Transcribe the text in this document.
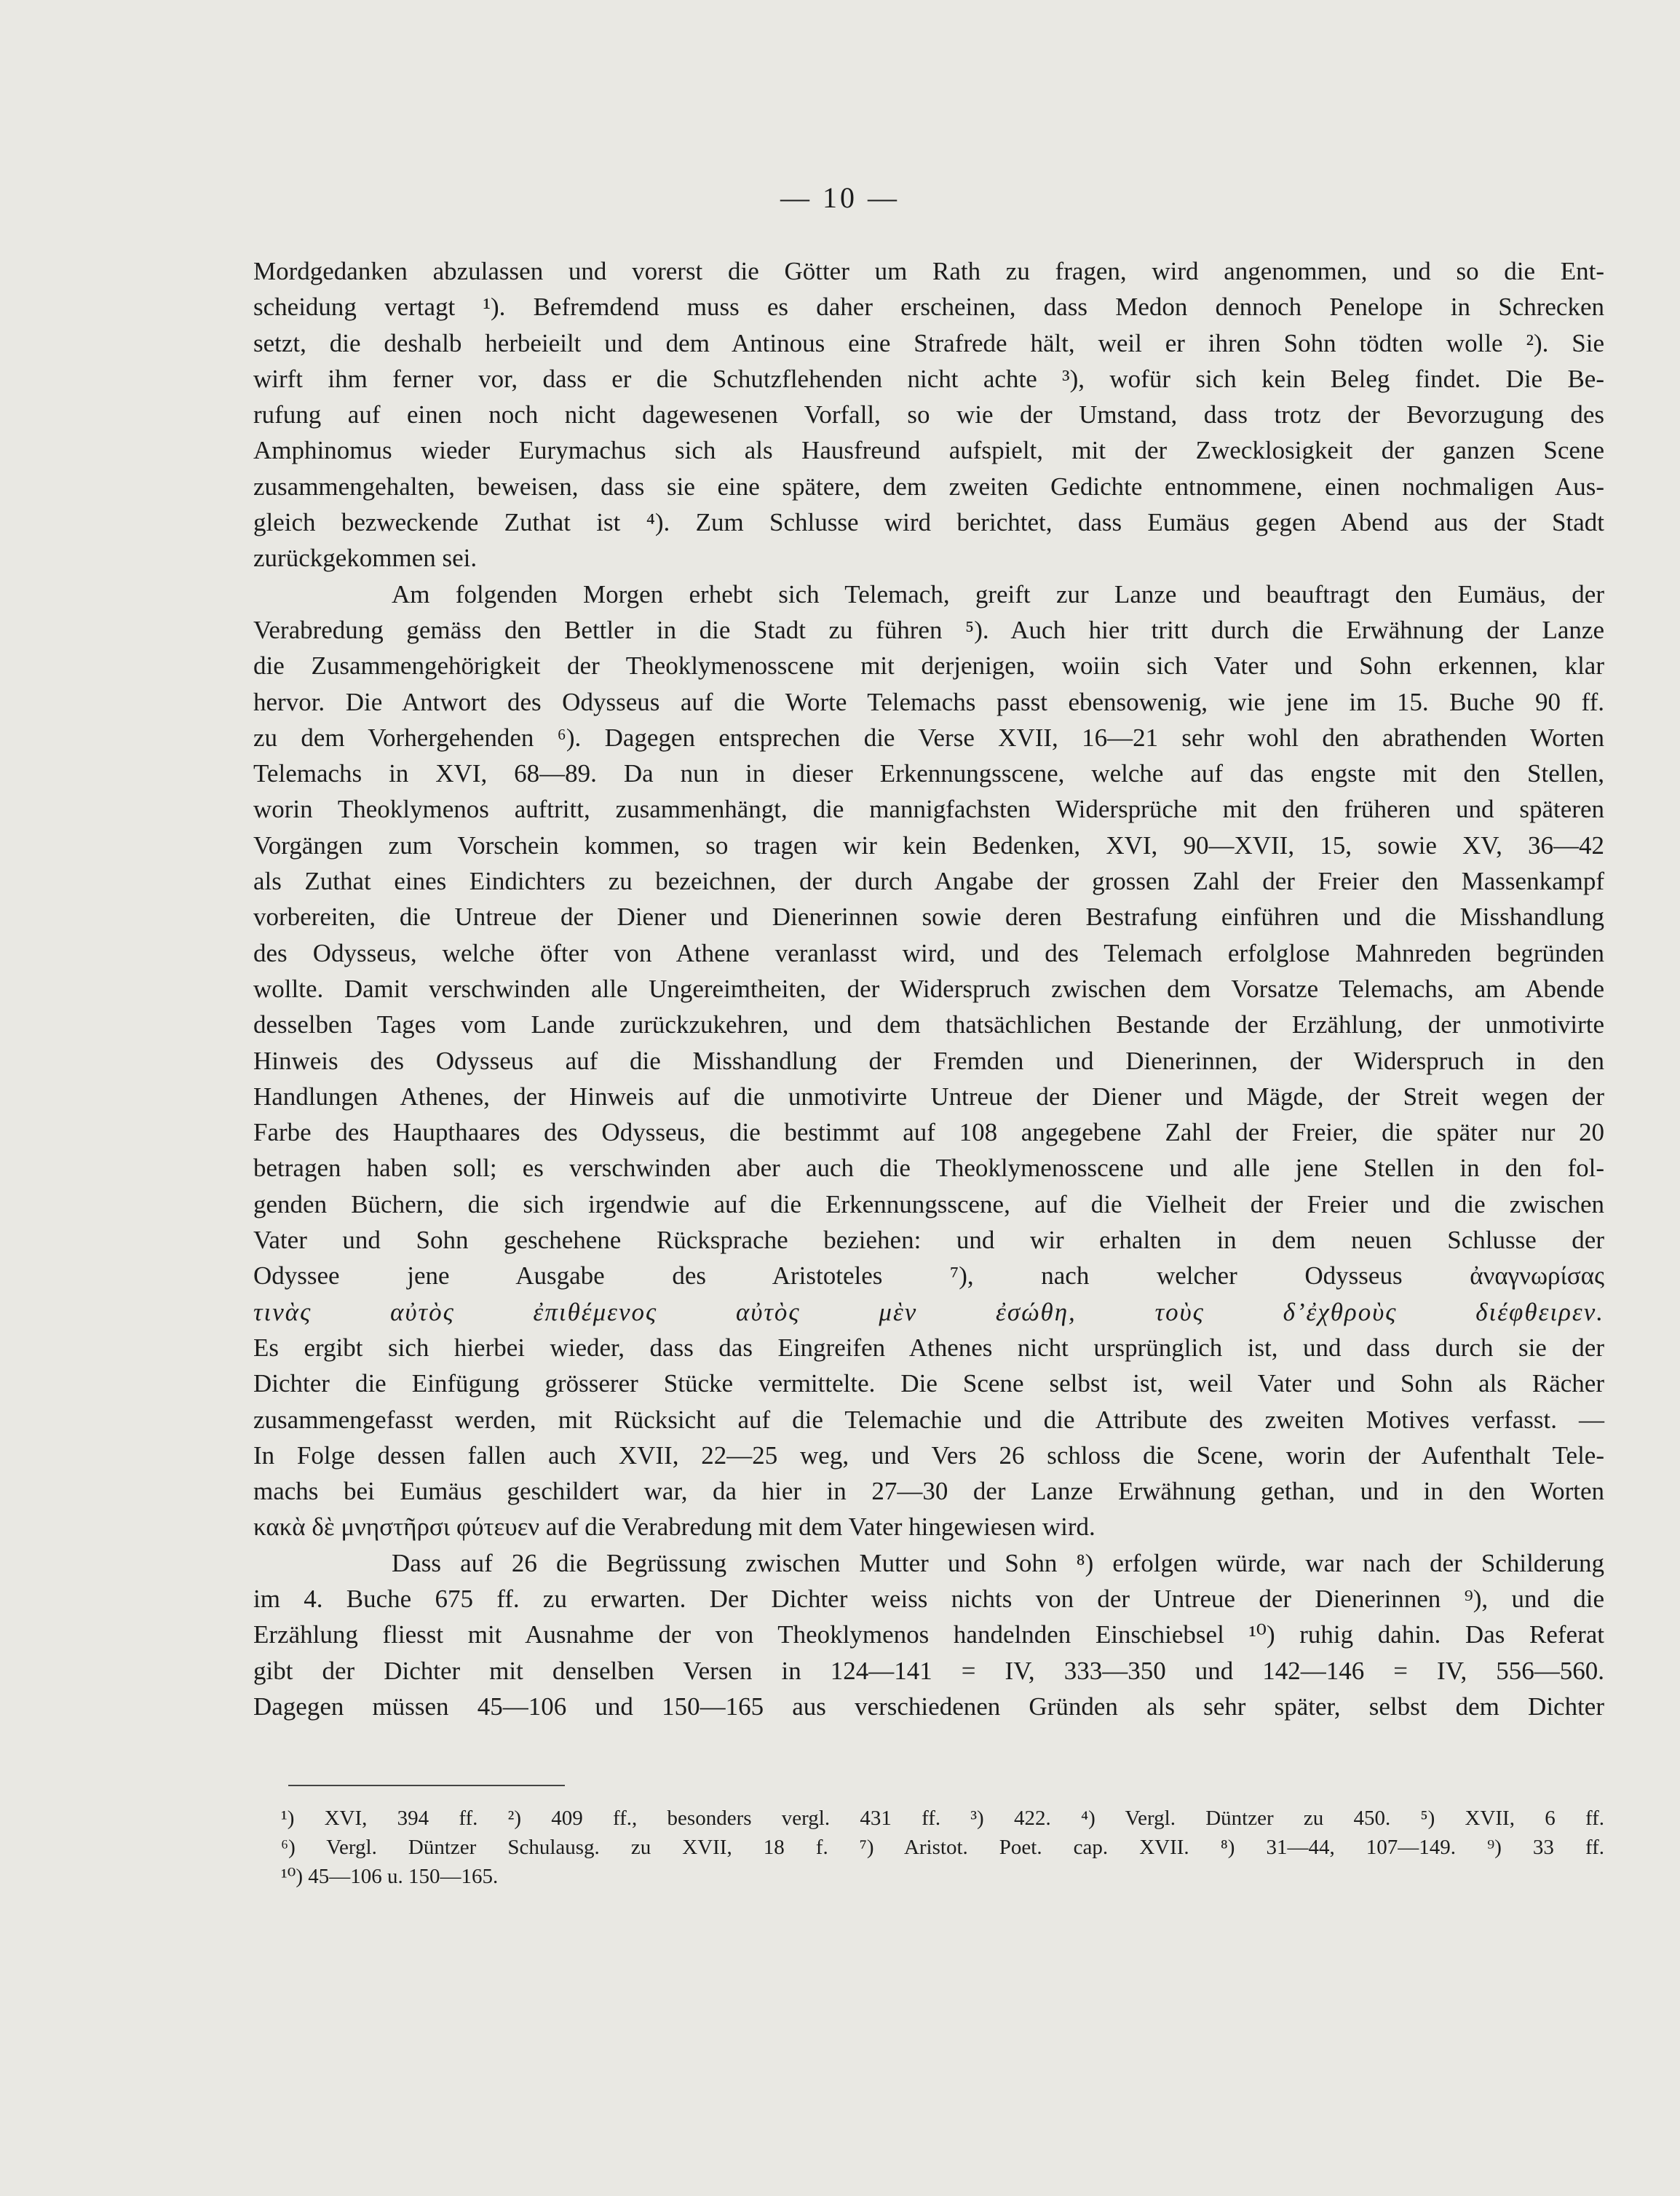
— 10 —
Mordgedanken abzulassen und vorerst die Götter um Rath zu fragen, wird angenommen, und so die Ent-
scheidung vertagt ¹). Befremdend muss es daher erscheinen, dass Medon dennoch Penelope in Schrecken
setzt, die deshalb herbeieilt und dem Antinous eine Strafrede hält, weil er ihren Sohn tödten wolle ²). Sie
wirft ihm ferner vor, dass er die Schutzflehenden nicht achte ³), wofür sich kein Beleg findet. Die Be-
rufung auf einen noch nicht dagewesenen Vorfall, so wie der Umstand, dass trotz der Bevorzugung des
Amphinomus wieder Eurymachus sich als Hausfreund aufspielt, mit der Zwecklosigkeit der ganzen Scene
zusammengehalten, beweisen, dass sie eine spätere, dem zweiten Gedichte entnommene, einen nochmaligen Aus-
gleich bezweckende Zuthat ist ⁴). Zum Schlusse wird berichtet, dass Eumäus gegen Abend aus der Stadt
zurückgekommen sei.
Am folgenden Morgen erhebt sich Telemach, greift zur Lanze und beauftragt den Eumäus, der
Verabredung gemäss den Bettler in die Stadt zu führen ⁵). Auch hier tritt durch die Erwähnung der Lanze
die Zusammengehörigkeit der Theoklymenosscene mit derjenigen, woiin sich Vater und Sohn erkennen, klar
hervor. Die Antwort des Odysseus auf die Worte Telemachs passt ebensowenig, wie jene im 15. Buche 90 ff.
zu dem Vorhergehenden ⁶). Dagegen entsprechen die Verse XVII, 16—21 sehr wohl den abrathenden Worten
Telemachs in XVI, 68—89. Da nun in dieser Erkennungsscene, welche auf das engste mit den Stellen,
worin Theoklymenos auftritt, zusammenhängt, die mannigfachsten Widersprüche mit den früheren und späteren
Vorgängen zum Vorschein kommen, so tragen wir kein Bedenken, XVI, 90—XVII, 15, sowie XV, 36—42
als Zuthat eines Eindichters zu bezeichnen, der durch Angabe der grossen Zahl der Freier den Massenkampf
vorbereiten, die Untreue der Diener und Dienerinnen sowie deren Bestrafung einführen und die Misshandlung
des Odysseus, welche öfter von Athene veranlasst wird, und des Telemach erfolglose Mahnreden begründen
wollte. Damit verschwinden alle Ungereimtheiten, der Widerspruch zwischen dem Vorsatze Telemachs, am Abende
desselben Tages vom Lande zurückzukehren, und dem thatsächlichen Bestande der Erzählung, der unmotivirte
Hinweis des Odysseus auf die Misshandlung der Fremden und Dienerinnen, der Widerspruch in den
Handlungen Athenes, der Hinweis auf die unmotivirte Untreue der Diener und Mägde, der Streit wegen der
Farbe des Haupthaares des Odysseus, die bestimmt auf 108 angegebene Zahl der Freier, die später nur 20
betragen haben soll; es verschwinden aber auch die Theoklymenosscene und alle jene Stellen in den fol-
genden Büchern, die sich irgendwie auf die Erkennungsscene, auf die Vielheit der Freier und die zwischen
Vater und Sohn geschehene Rücksprache beziehen: und wir erhalten in dem neuen Schlusse der
Odyssee jene Ausgabe des Aristoteles ⁷), nach welcher Odysseus ἀναγνωρίσας
τινὰς αὐτὸς ἐπιθέμενος αὐτὸς μὲν ἐσώθη, τοὺς δ’ἐχθροὺς διέφθειρεν.
Es ergibt sich hierbei wieder, dass das Eingreifen Athenes nicht ursprünglich ist, und dass durch sie der
Dichter die Einfügung grösserer Stücke vermittelte. Die Scene selbst ist, weil Vater und Sohn als Rächer
zusammengefasst werden, mit Rücksicht auf die Telemachie und die Attribute des zweiten Motives verfasst. —
In Folge dessen fallen auch XVII, 22—25 weg, und Vers 26 schloss die Scene, worin der Aufenthalt Tele-
machs bei Eumäus geschildert war, da hier in 27—30 der Lanze Erwähnung gethan, und in den Worten
κακὰ δὲ μνηστῆρσι φύτευεν auf die Verabredung mit dem Vater hingewiesen wird.
Dass auf 26 die Begrüssung zwischen Mutter und Sohn ⁸) erfolgen würde, war nach der Schilderung
im 4. Buche 675 ff. zu erwarten. Der Dichter weiss nichts von der Untreue der Dienerinnen ⁹), und die
Erzählung fliesst mit Ausnahme der von Theoklymenos handelnden Einschiebsel ¹⁰) ruhig dahin. Das Referat
gibt der Dichter mit denselben Versen in 124—141 = IV, 333—350 und 142—146 = IV, 556—560.
Dagegen müssen 45—106 und 150—165 aus verschiedenen Gründen als sehr später, selbst dem Dichter
¹) XVI, 394 ff. ²) 409 ff., besonders vergl. 431 ff. ³) 422. ⁴) Vergl. Düntzer zu 450. ⁵) XVII, 6 ff.
⁶) Vergl. Düntzer Schulausg. zu XVII, 18 f. ⁷) Aristot. Poet. cap. XVII. ⁸) 31—44, 107—149. ⁹) 33 ff.
¹⁰) 45—106 u. 150—165.
